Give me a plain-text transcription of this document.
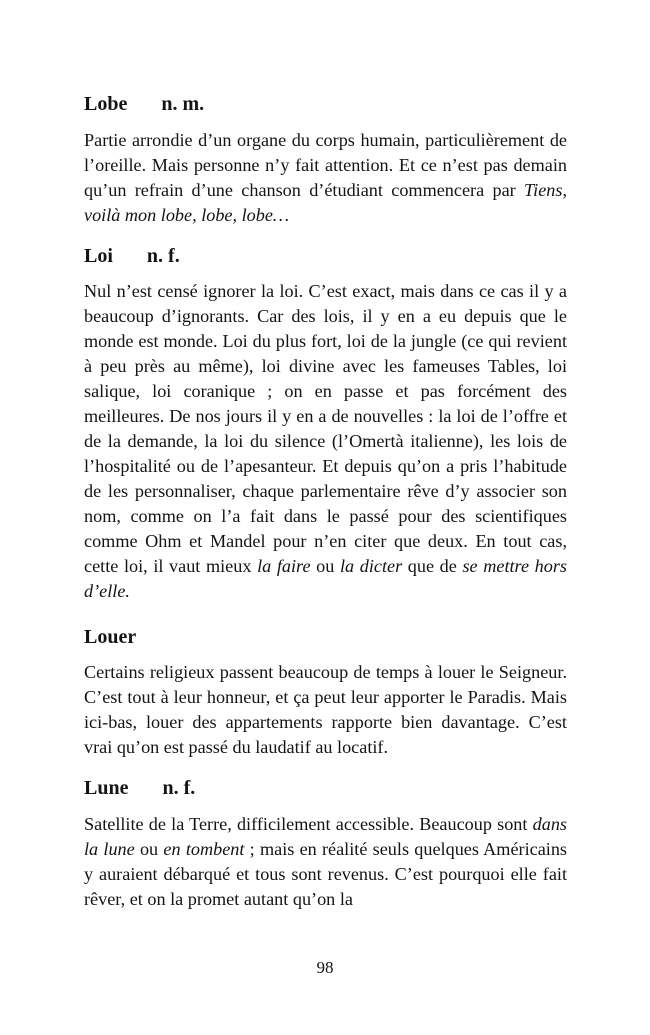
Lobe n. m.

Partie arrondie d’un organe du corps humain, particulièrement de l’oreille. Mais personne n’y fait attention. Et ce n’est pas demain qu’un refrain d’une chanson d’étudiant commencera par Tiens, voilà mon lobe, lobe, lobe…

Loi n. f.

Nul n’est censé ignorer la loi. C’est exact, mais dans ce cas il y a beaucoup d’ignorants. Car des lois, il y en a eu depuis que le monde est monde. Loi du plus fort, loi de la jungle (ce qui revient à peu près au même), loi divine avec les fameuses Tables, loi salique, loi coranique ; on en passe et pas forcément des meilleures. De nos jours il y en a de nouvelles : la loi de l’offre et de la demande, la loi du silence (l’Omertà italienne), les lois de l’hospitalité ou de l’apesanteur. Et depuis qu’on a pris l’habitude de les personnaliser, chaque parlementaire rêve d’y associer son nom, comme on l’a fait dans le passé pour des scientifiques comme Ohm et Mandel pour n’en citer que deux. En tout cas, cette loi, il vaut mieux la faire ou la dicter que de se mettre hors d’elle.

Louer

Certains religieux passent beaucoup de temps à louer le Seigneur. C’est tout à leur honneur, et ça peut leur apporter le Paradis. Mais ici-bas, louer des appartements rapporte bien davantage. C’est vrai qu’on est passé du laudatif au locatif.

Lune n. f.

Satellite de la Terre, difficilement accessible. Beaucoup sont dans la lune ou en tombent ; mais en réalité seuls quelques Américains y auraient débarqué et tous sont revenus. C’est pourquoi elle fait rêver, et on la promet autant qu’on la

98
